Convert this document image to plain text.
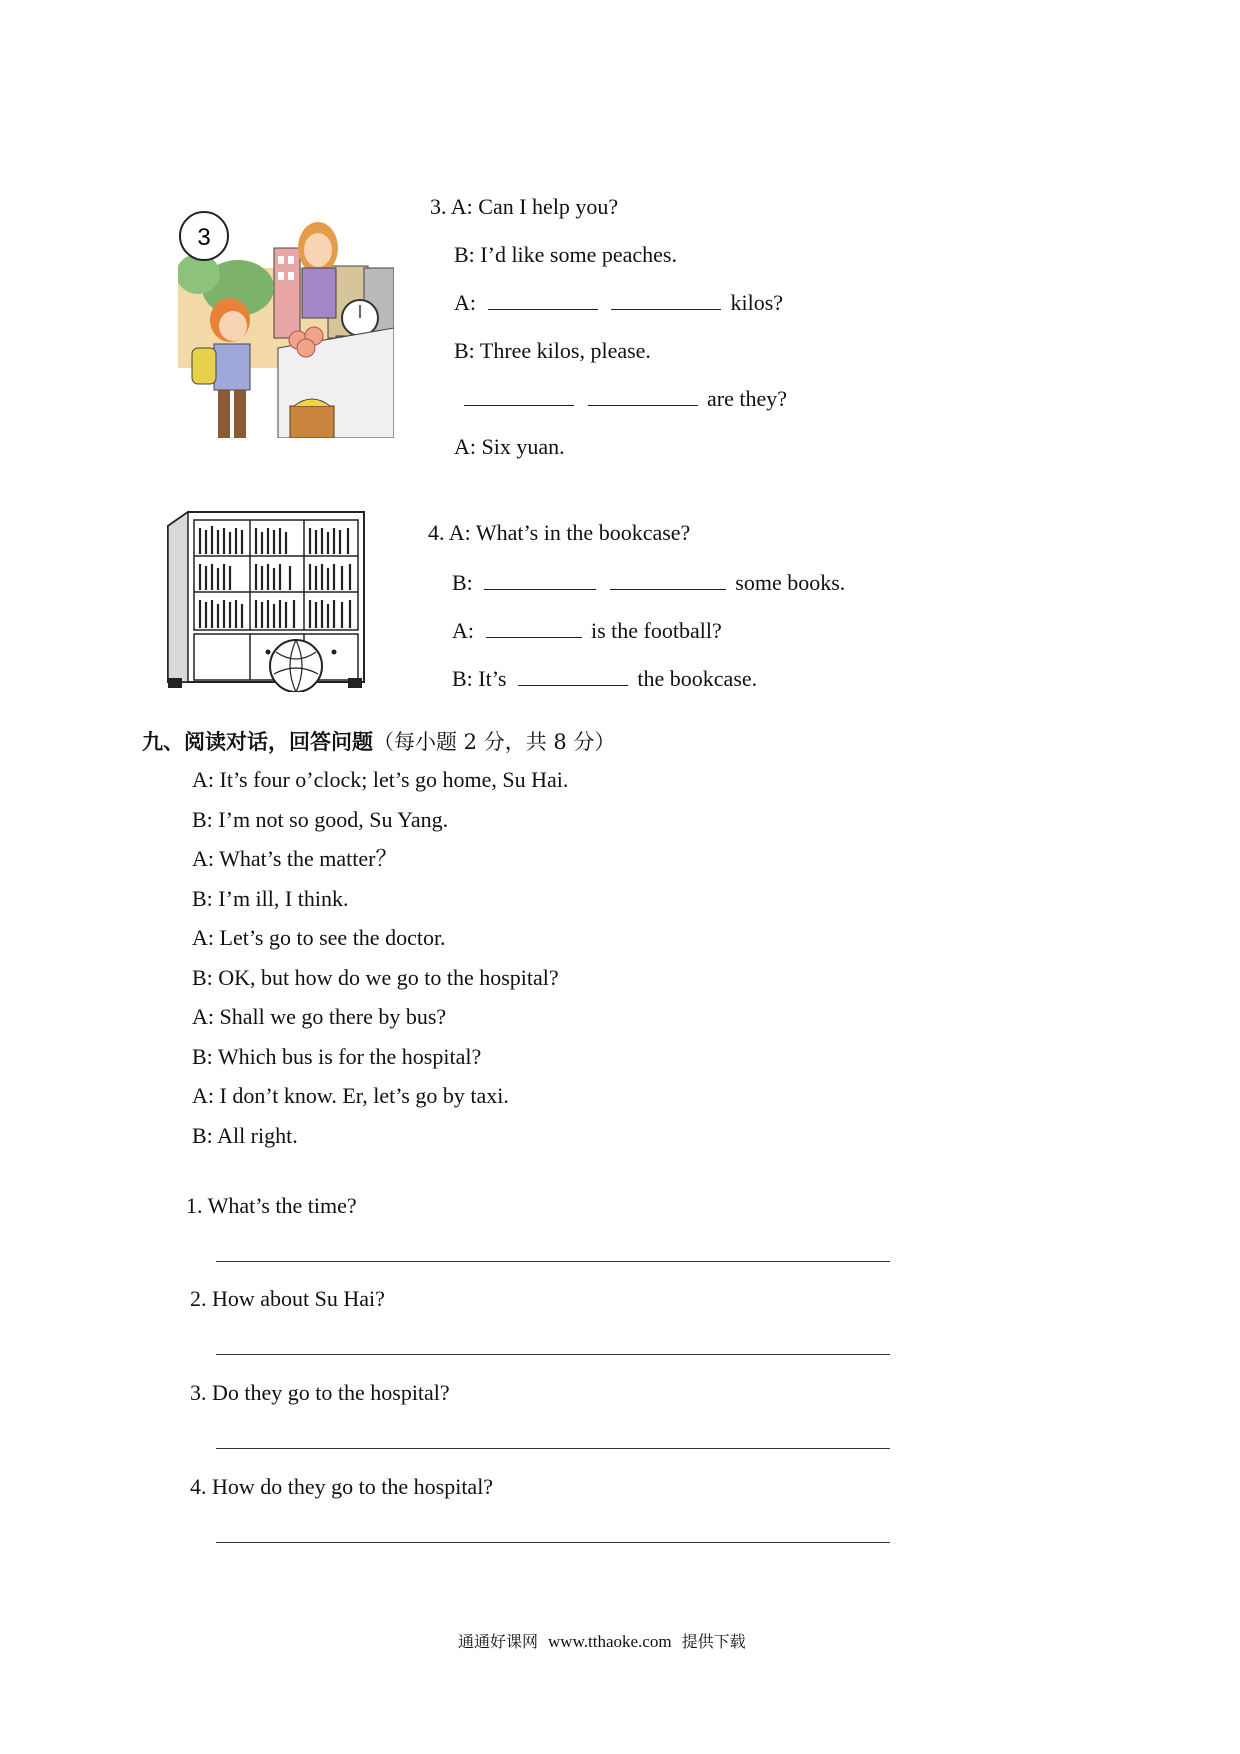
3
3. A: Can I help you?
B: I’d like some peaches.
A:	kilos?
B: Three kilos, please.
are they?
A: Six yuan.
4. A: What’s in the bookcase?
B:	some books.
A:	is the football?
B: It’s	the bookcase.
九、阅读对话，回答问题（每小题 2 分，共 8 分）
A: It’s four o’clock; let’s go home, Su Hai.
B: I’m not so good, Su Yang.
A: What’s the matter？
B: I’m ill, I think.
A: Let’s go to see the doctor.
B: OK, but how do we go to the hospital?
A: Shall we go there by bus?
B: Which bus is for the hospital?
A: I don’t know. Er, let’s go by taxi.
B: All right.
1. What’s the time?
2. How about Su Hai?
3. Do they go to the hospital?
4. How do they go to the hospital?
通通好课网 www.tthaoke.com 提供下载
